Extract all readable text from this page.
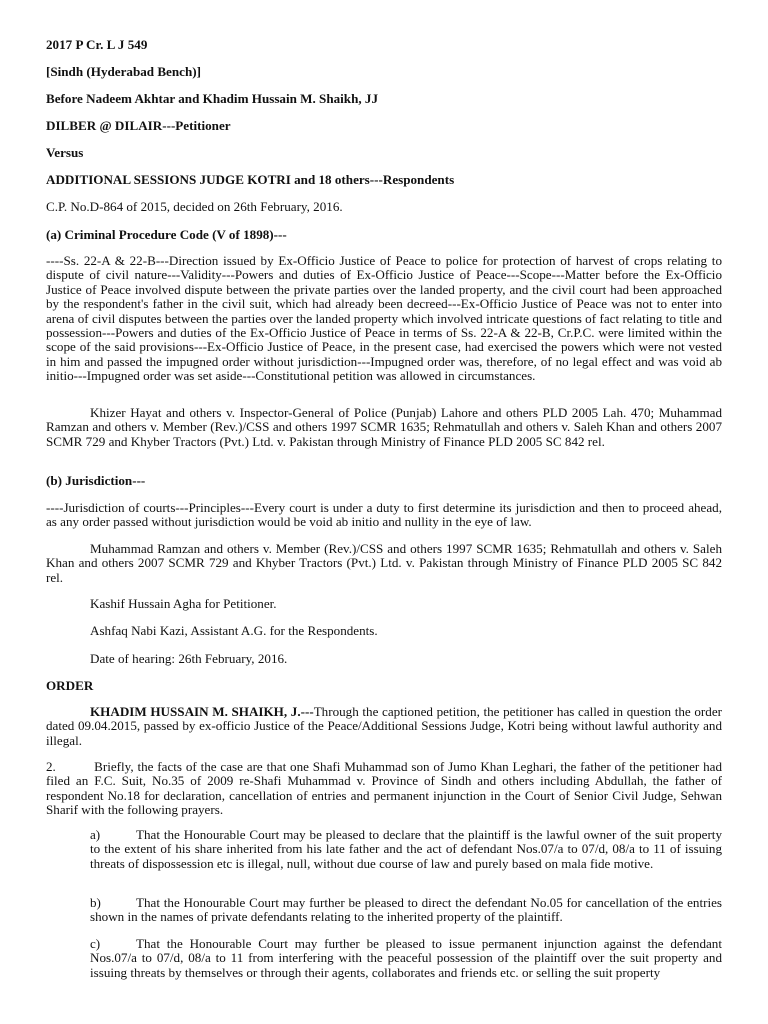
2017 P Cr. L J 549
[Sindh (Hyderabad Bench)]
Before Nadeem Akhtar and Khadim Hussain M. Shaikh, JJ
DILBER @ DILAIR---Petitioner
Versus
ADDITIONAL SESSIONS JUDGE KOTRI and 18 others---Respondents
C.P. No.D-864 of 2015, decided on 26th February, 2016.
(a) Criminal Procedure Code (V of 1898)---
----Ss. 22-A & 22-B---Direction issued by Ex-Officio Justice of Peace to police for protection of harvest of crops relating to dispute of civil nature---Validity---Powers and duties of Ex-Officio Justice of Peace---Scope---Matter before the Ex-Officio Justice of Peace involved dispute between the private parties over the landed property, and the civil court had been approached by the respondent's father in the civil suit, which had already been decreed---Ex-Officio Justice of Peace was not to enter into arena of civil disputes between the parties over the landed property which involved intricate questions of fact relating to title and possession---Powers and duties of the Ex-Officio Justice of Peace in terms of Ss. 22-A & 22-B, Cr.P.C. were limited within the scope of the said provisions---Ex-Officio Justice of Peace, in the present case, had exercised the powers which were not vested in him and passed the impugned order without jurisdiction---Impugned order was, therefore, of no legal effect and was void ab initio---Impugned order was set aside---Constitutional petition was allowed in circumstances.
Khizer Hayat and others v. Inspector-General of Police (Punjab) Lahore and others PLD 2005 Lah. 470; Muhammad Ramzan and others v. Member (Rev.)/CSS and others 1997 SCMR 1635; Rehmatullah and others v. Saleh Khan and others 2007 SCMR 729 and Khyber Tractors (Pvt.) Ltd. v. Pakistan through Ministry of Finance PLD 2005 SC 842 rel.
(b) Jurisdiction---
----Jurisdiction of courts---Principles---Every court is under a duty to first determine its jurisdiction and then to proceed ahead, as any order passed without jurisdiction would be void ab initio and nullity in the eye of law.
Muhammad Ramzan and others v. Member (Rev.)/CSS and others 1997 SCMR 1635; Rehmatullah and others v. Saleh Khan and others 2007 SCMR 729 and Khyber Tractors (Pvt.) Ltd. v. Pakistan through Ministry of Finance PLD 2005 SC 842 rel.
Kashif Hussain Agha for Petitioner.
Ashfaq Nabi Kazi, Assistant A.G. for the Respondents.
Date of hearing: 26th February, 2016.
ORDER
KHADIM HUSSAIN M. SHAIKH, J.---Through the captioned petition, the petitioner has called in question the order dated 09.04.2015, passed by ex-officio Justice of the Peace/Additional Sessions Judge, Kotri being without lawful authority and illegal.
2.          Briefly, the facts of the case are that one Shafi Muhammad son of Jumo Khan Leghari, the father of the petitioner had filed an F.C. Suit, No.35 of 2009 re-Shafi Muhammad v. Province of Sindh and others including Abdullah, the father of respondent No.18 for declaration, cancellation of entries and permanent injunction in the Court of Senior Civil Judge, Sehwan Sharif with the following prayers.
a)	That the Honourable Court may be pleased to declare that the plaintiff is the lawful owner of the suit property to the extent of his share inherited from his late father and the act of defendant Nos.07/a to 07/d, 08/a to 11 of issuing threats of dispossession etc is illegal, null, without due course of law and purely based on mala fide motive.
b)	That the Honourable Court may further be pleased to direct the defendant No.05 for cancellation of the entries shown in the names of private defendants relating to the inherited property of the plaintiff.
c)	That the Honourable Court may further be pleased to issue permanent injunction against the defendant Nos.07/a to 07/d, 08/a to 11 from interfering with the peaceful possession of the plaintiff over the suit property and issuing threats by themselves or through their agents, collaborates and friends etc. or selling the suit property
